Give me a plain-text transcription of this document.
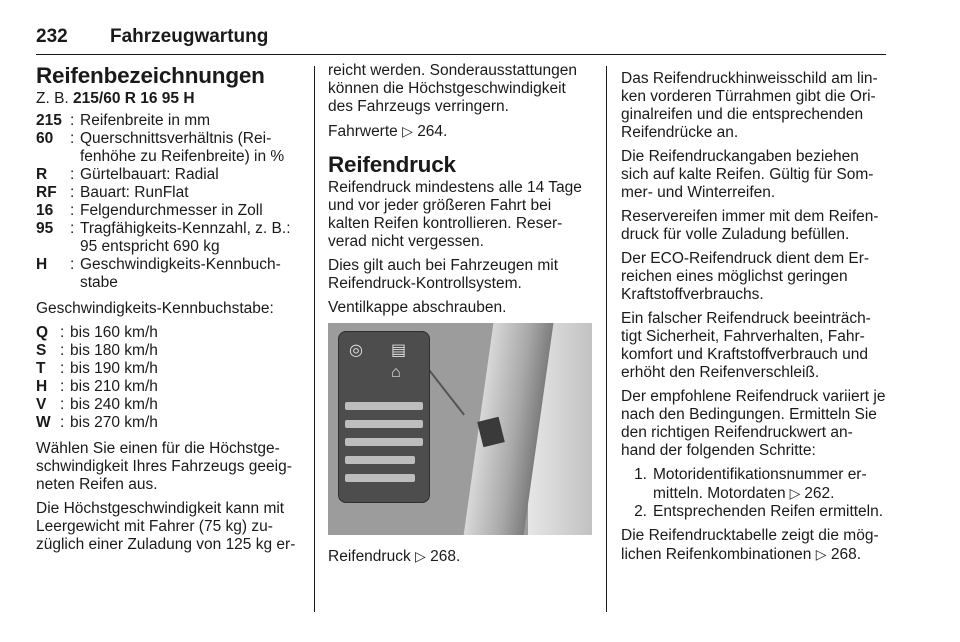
232 Fahrzeugwartung
Reifenbezeichnungen
Z. B. 215/60 R 16 95 H
215 : Reifenbreite in mm
60	: Querschnittsverhältnis (Rei-fenhöhe zu Reifenbreite) in %
R	: Gürtelbauart: Radial
RF : Bauart: RunFlat
16	: Felgendurchmesser in Zoll
95	: Tragfähigkeits-Kennzahl, z. B.: 95 entspricht 690 kg
H	: Geschwindigkeits-Kennbuch-stabe

Geschwindigkeits-Kennbuchstabe:

Q : bis 160 km/h
S : bis 180 km/h
T : bis 190 km/h
H : bis 210 km/h
V : bis 240 km/h
W : bis 270 km/h

Wählen Sie einen für die Höchstge-schwindigkeit Ihres Fahrzeugs geeig-neten Reifen aus.

Die Höchstgeschwindigkeit kann mit Leergewicht mit Fahrer (75 kg) zu-züglich einer Zuladung von 125 kg er-

reicht werden. Sonderausstattungen können die Höchstgeschwindigkeit des Fahrzeugs verringern.

Fahrwerte ▷ 264.

Reifendruck

Reifendruck mindestens alle 14 Tage und vor jeder größeren Fahrt bei kalten Reifen kontrollieren. Reser-verad nicht vergessen.

Dies gilt auch bei Fahrzeugen mit Reifendruck-Kontrollsystem.

Ventilkappe abschrauben.

◎ ▤
⌂

Reifendruck ▷ 268.

Das Reifendruckhinweisschild am lin-ken vorderen Türrahmen gibt die Ori-ginalreifen und die entsprechenden Reifendrücke an.

Die Reifendruckangaben beziehen sich auf kalte Reifen. Gültig für Som-mer- und Winterreifen.

Reservereifen immer mit dem Reifen-druck für volle Zuladung befüllen.

Der ECO-Reifendruck dient dem Er-reichen eines möglichst geringen Kraftstoffverbrauchs.

Ein falscher Reifendruck beeinträch-tigt Sicherheit, Fahrverhalten, Fahr-komfort und Kraftstoffverbrauch und erhöht den Reifenverschleiß.

Der empfohlene Reifendruck variiert je nach den Bedingungen. Ermitteln Sie den richtigen Reifendruckwert an-hand der folgenden Schritte:

1. Motoridentifikationsnummer er-mitteln. Motordaten ▷ 262.
2. Entsprechenden Reifen ermitteln.

Die Reifendrucktabelle zeigt die mög-lichen Reifenkombinationen ▷ 268.
